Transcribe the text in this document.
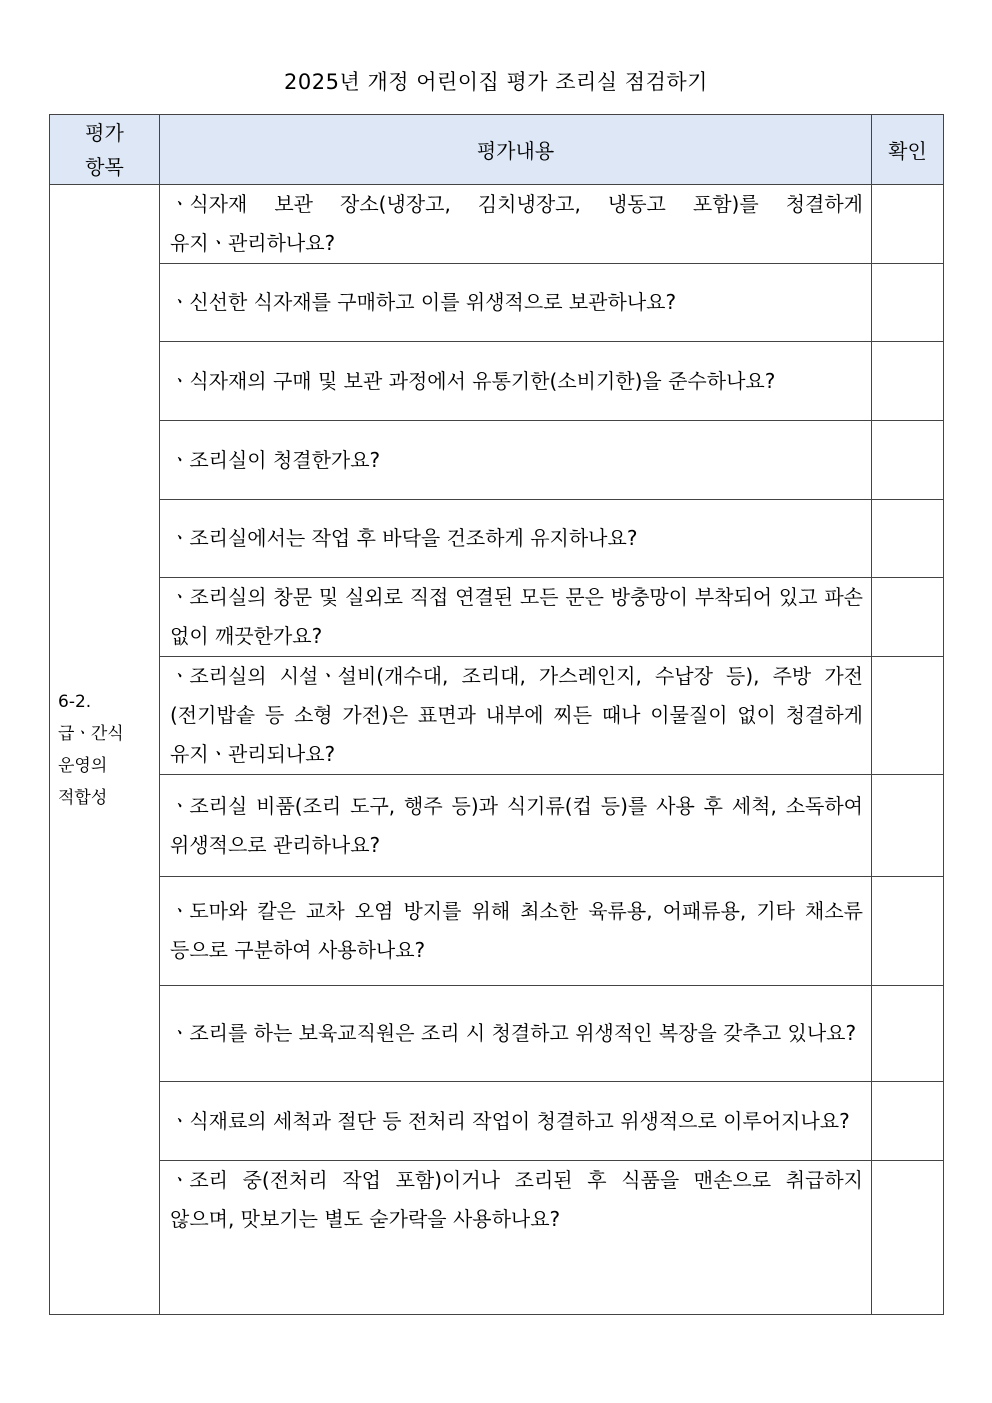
2025년 개정 어린이집 평가 조리실 점검하기
평가
항목	평가내용	확인

6-2.
급ㆍ간식
운영의
적합성	ㆍ식자재 보관 장소(냉장고, 김치냉장고, 냉동고 포함)를 청결하게 유지ㆍ관리하나요?	
	ㆍ신선한 식자재를 구매하고 이를 위생적으로 보관하나요?	
	ㆍ식자재의 구매 및 보관 과정에서 유통기한(소비기한)을 준수하나요?	
	ㆍ조리실이 청결한가요?	
	ㆍ조리실에서는 작업 후 바닥을 건조하게 유지하나요?	
	ㆍ조리실의 창문 및 실외로 직접 연결된 모든 문은 방충망이 부착되어 있고 파손 없이 깨끗한가요?	
	ㆍ조리실의 시설ㆍ설비(개수대, 조리대, 가스레인지, 수납장 등), 주방 가전(전기밥솥 등 소형 가전)은 표면과 내부에 찌든 때나 이물질이 없이 청결하게 유지ㆍ관리되나요?	
	ㆍ조리실 비품(조리 도구, 행주 등)과 식기류(컵 등)를 사용 후 세척, 소독하여 위생적으로 관리하나요?	
	ㆍ도마와 칼은 교차 오염 방지를 위해 최소한 육류용, 어패류용, 기타 채소류 등으로 구분하여 사용하나요?	
	ㆍ조리를 하는 보육교직원은 조리 시 청결하고 위생적인 복장을 갖추고 있나요?	
	ㆍ식재료의 세척과 절단 등 전처리 작업이 청결하고 위생적으로 이루어지나요?	
	ㆍ조리 중(전처리 작업 포함)이거나 조리된 후 식품을 맨손으로 취급하지 않으며, 맛보기는 별도 숟가락을 사용하나요?	
